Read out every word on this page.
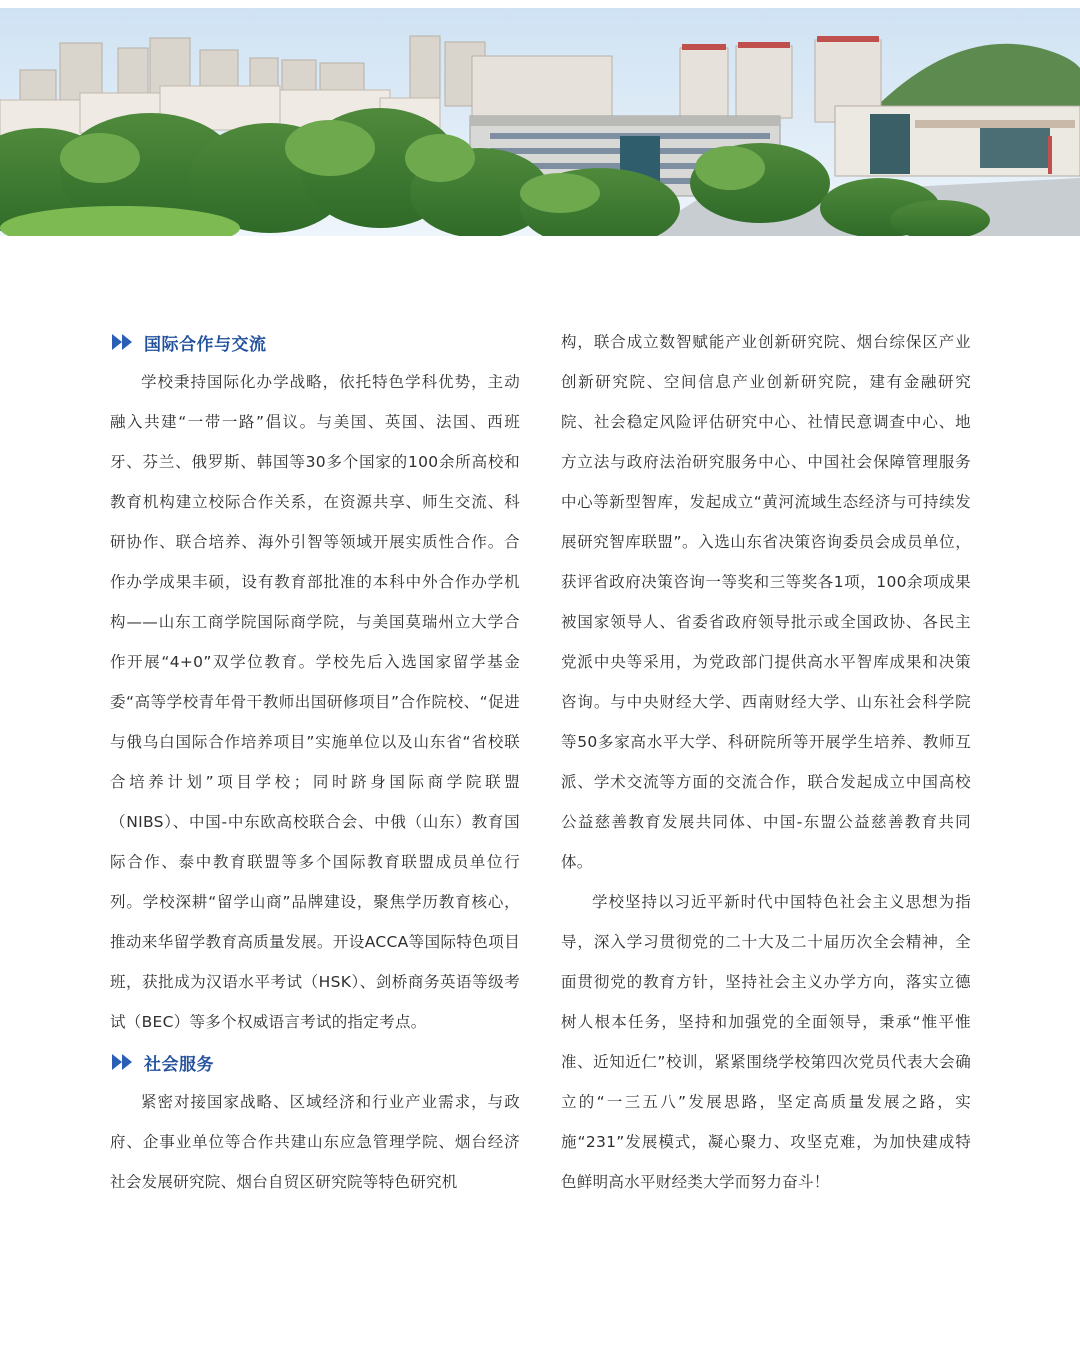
国际合作与交流

学校秉持国际化办学战略，依托特色学科优势，主动融入共建“一带一路”倡议。与美国、英国、法国、西班牙、芬兰、俄罗斯、韩国等30多个国家的100余所高校和教育机构建立校际合作关系，在资源共享、师生交流、科研协作、联合培养、海外引智等领域开展实质性合作。合作办学成果丰硕，设有教育部批准的本科中外合作办学机构——山东工商学院国际商学院，与美国莫瑞州立大学合作开展“4+0”双学位教育。学校先后入选国家留学基金委“高等学校青年骨干教师出国研修项目”合作院校、“促进与俄乌白国际合作培养项目”实施单位以及山东省“省校联合培养计划”项目学校；同时跻身国际商学院联盟（NIBS）、中国-中东欧高校联合会、中俄（山东）教育国际合作、泰中教育联盟等多个国际教育联盟成员单位行列。学校深耕“留学山商”品牌建设，聚焦学历教育核心，推动来华留学教育高质量发展。开设ACCA等国际特色项目班，获批成为汉语水平考试（HSK）、剑桥商务英语等级考试（BEC）等多个权威语言考试的指定考点。

社会服务

紧密对接国家战略、区域经济和行业产业需求，与政府、企事业单位等合作共建山东应急管理学院、烟台经济社会发展研究院、烟台自贸区研究院等特色研究机

构，联合成立数智赋能产业创新研究院、烟台综保区产业创新研究院、空间信息产业创新研究院，建有金融研究院、社会稳定风险评估研究中心、社情民意调查中心、地方立法与政府法治研究服务中心、中国社会保障管理服务中心等新型智库，发起成立“黄河流域生态经济与可持续发展研究智库联盟”。入选山东省决策咨询委员会成员单位，获评省政府决策咨询一等奖和三等奖各1项，100余项成果被国家领导人、省委省政府领导批示或全国政协、各民主党派中央等采用，为党政部门提供高水平智库成果和决策咨询。与中央财经大学、西南财经大学、山东社会科学院等50多家高水平大学、科研院所等开展学生培养、教师互派、学术交流等方面的交流合作，联合发起成立中国高校公益慈善教育发展共同体、中国-东盟公益慈善教育共同体。

学校坚持以习近平新时代中国特色社会主义思想为指导，深入学习贯彻党的二十大及二十届历次全会精神，全面贯彻党的教育方针，坚持社会主义办学方向，落实立德树人根本任务，坚持和加强党的全面领导，秉承“惟平惟准、近知近仁”校训，紧紧围绕学校第四次党员代表大会确立的“一三五八”发展思路，坚定高质量发展之路，实施“231”发展模式，凝心聚力、攻坚克难，为加快建成特色鲜明高水平财经类大学而努力奋斗！
